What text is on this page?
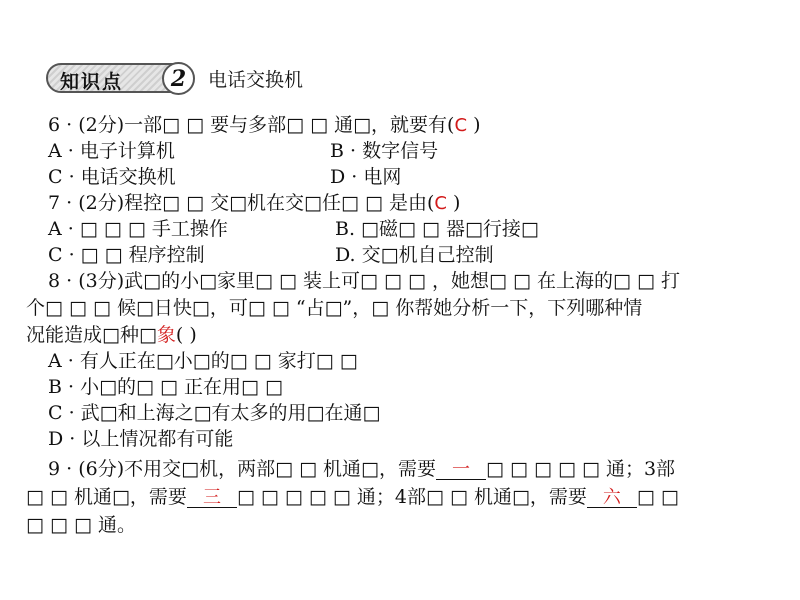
知识点	2	电话交换机
6 · (2分)一部□ □ 要与多部□ □ 通□，就要有(C )
A · 电子计算机	B · 数字信号
C · 电话交换机	D · 电网
7 · (2分)程控□ □ 交□机在交□任□ □ 是由(C )
A · □ □ □ 手工操作	B. □磁□ □ 器□行接□
C · □ □ 程序控制	D. 交□机自己控制
8 · (3分)武□的小□家里□ □ 装上可□ □ □ ，她想□ □ 在上海的□ □ 打
个□ □ □ 候□日快□，可□ □ “占□”，□ 你帮她分析一下，下列哪种情
况能造成□种□象( )
A · 有人正在□小□的□ □ 家打□ □
B · 小□的□ □ 正在用□ □
C · 武□和上海之□有太多的用□在通□
D · 以上情况都有可能
9 · (6分)不用交□机，两部□ □ 机通□，需要 一 □ □ □ □ □ 通；3部
□ □ 机通□，需要 三 □ □ □ □ □ 通；4部□ □ 机通□，需要 六 □ □
□ □ □ 通。
